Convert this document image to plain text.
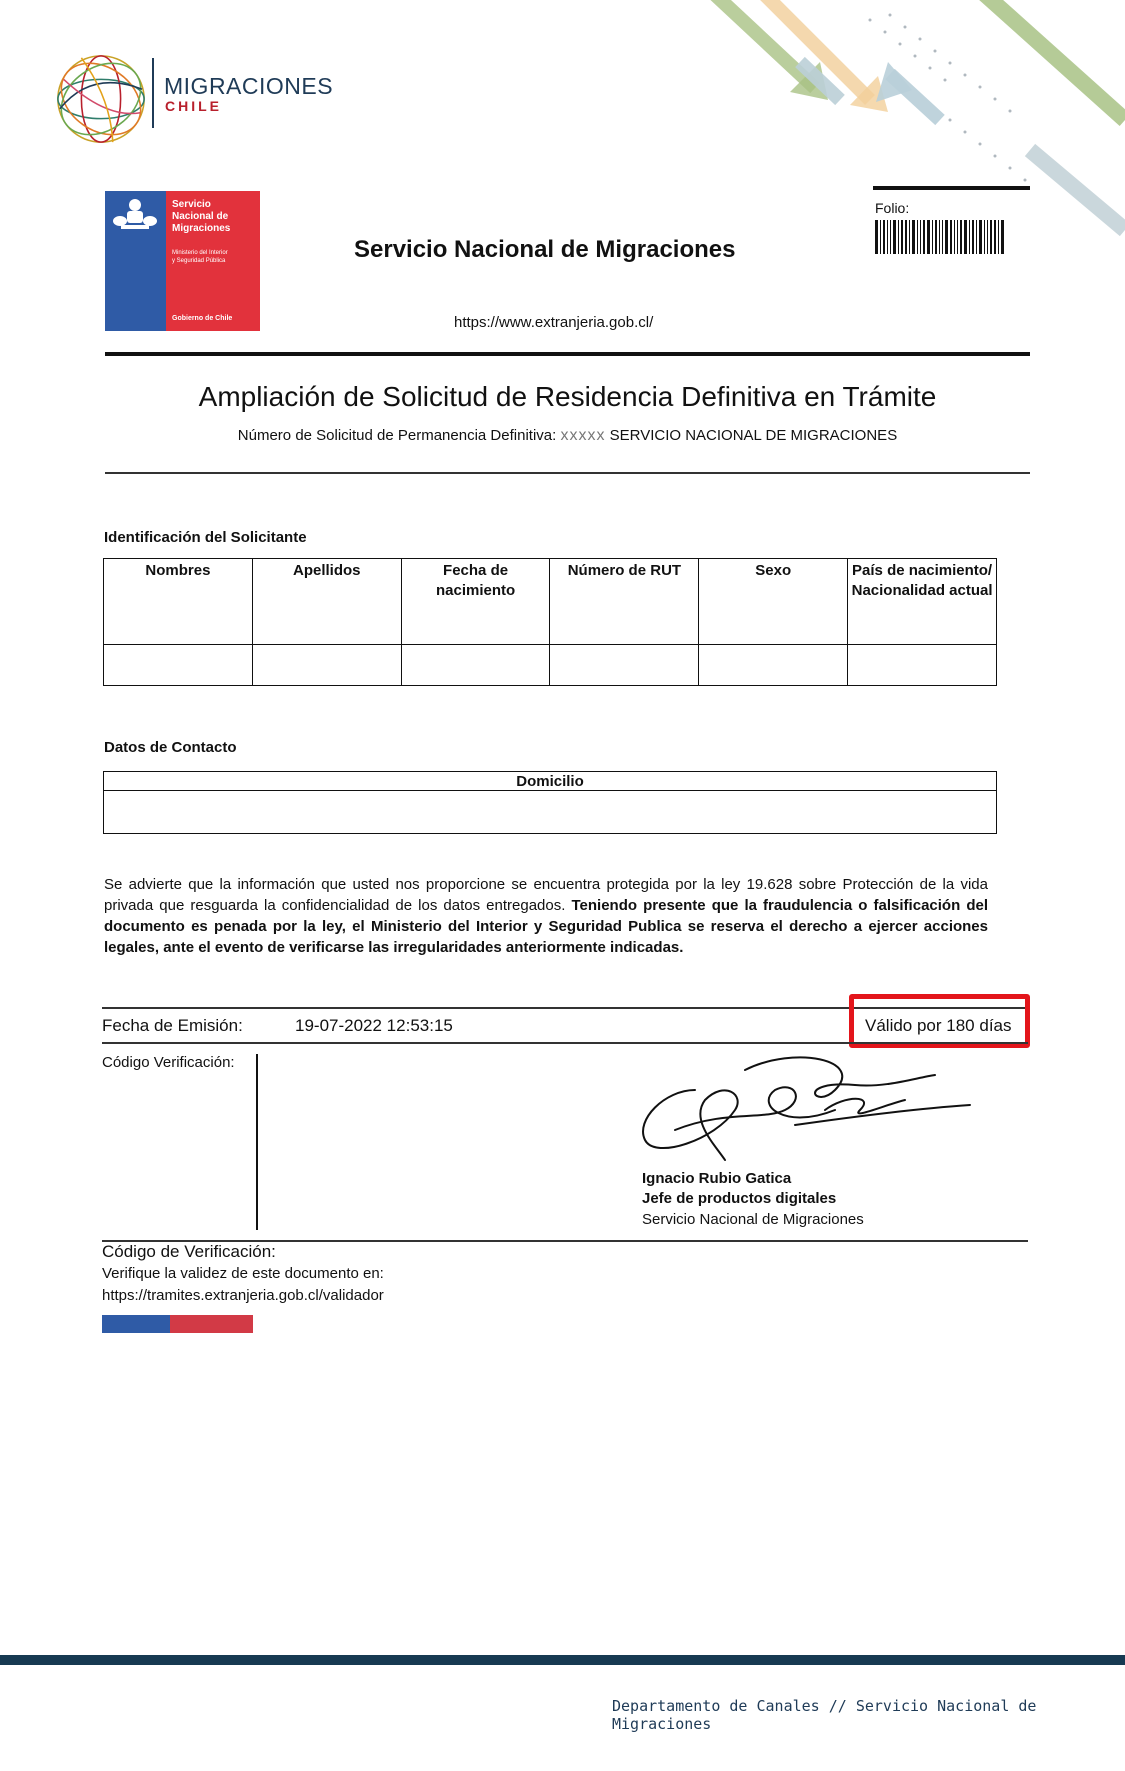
MIGRACIONES
CHILE
Servicio
Nacional de
Migraciones
Ministerio del Interior
y Seguridad Pública
Gobierno de Chile
Servicio Nacional de Migraciones
https://www.extranjeria.gob.cl/
Folio:
Ampliación de Solicitud de Residencia Definitiva en Trámite
Número de Solicitud de Permanencia Definitiva: xxxxx SERVICIO NACIONAL DE MIGRACIONES
Identificación del Solicitante
Nombres	Apellidos	Fecha de nacimiento	Número de RUT	Sexo	País de nacimiento/ Nacionalidad actual

Datos de Contacto
Domicilio

Se advierte que la información que usted nos proporcione se encuentra protegida por la ley 19.628 sobre Protección de la vida privada que resguarda la confidencialidad de los datos entregados. Teniendo presente que la fraudulencia o falsificación del documento es penada por la ley, el Ministerio del Interior y Seguridad Publica se reserva el derecho a ejercer acciones legales, ante el evento de verificarse las irregularidades anteriormente indicadas.
Fecha de Emisión:	19-07-2022 12:53:15	Válido por 180 días
Código Verificación:
Ignacio Rubio Gatica
Jefe de productos digitales
Servicio Nacional de Migraciones
Código de Verificación:
Verifique la validez de este documento en:
https://tramites.extranjeria.gob.cl/validador
Departamento de Canales // Servicio Nacional de Migraciones
